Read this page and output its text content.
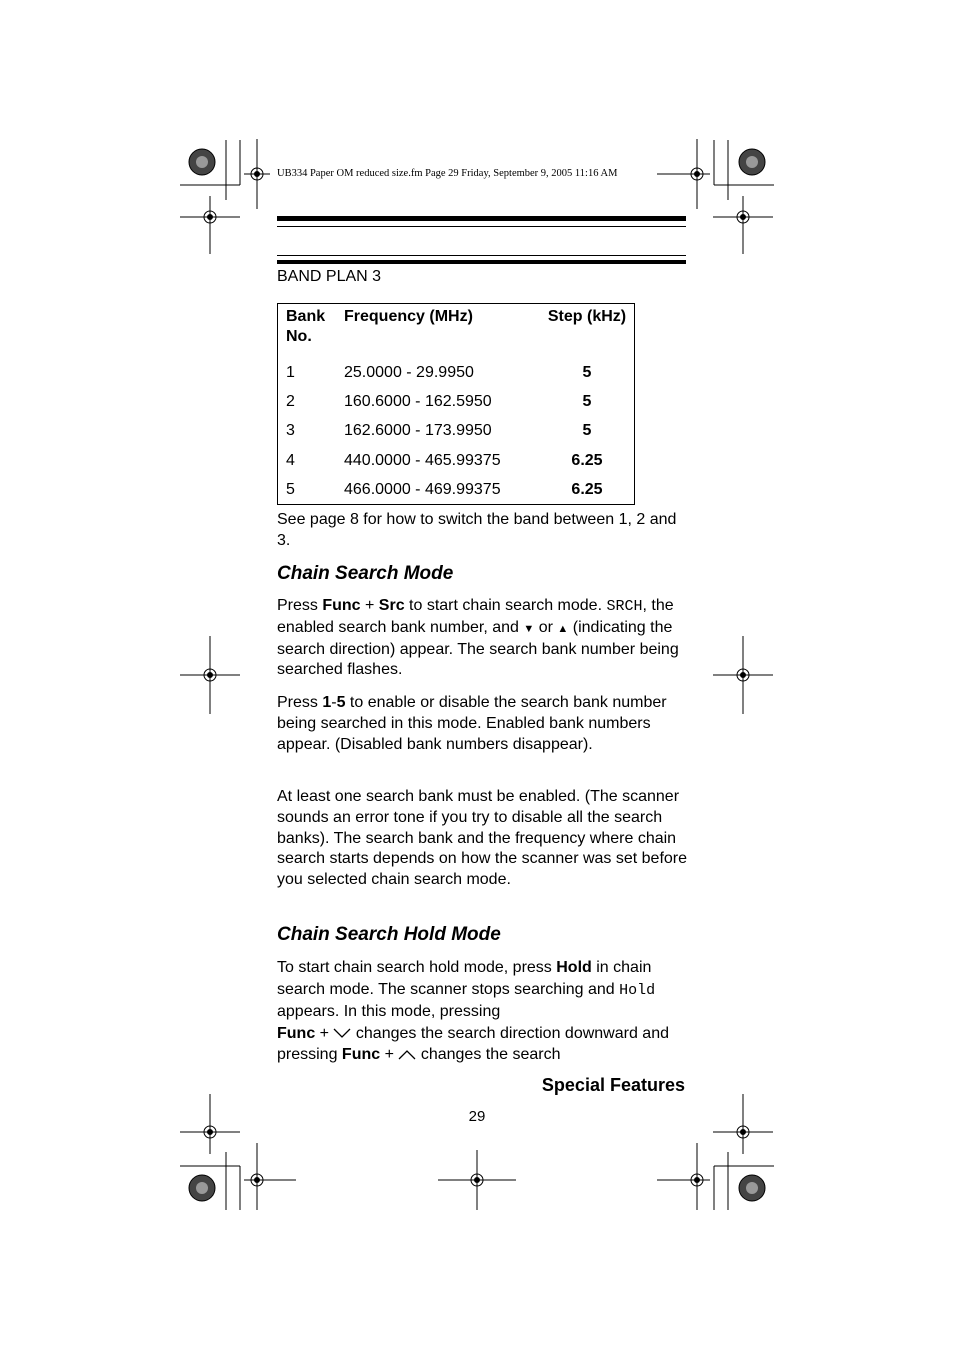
UB334 Paper OM reduced size.fm Page 29 Friday, September 9, 2005 11:16 AM
BAND PLAN 3
Bank
No.	Frequency (MHz)	Step (kHz)
1	25.0000 - 29.9950	5
2	160.6000 - 162.5950	5
3	162.6000 - 173.9950	5
4	440.0000 - 465.99375	6.25
5	466.0000 - 469.99375	6.25

See page 8 for how to switch the band between 1, 2 and 3.

Chain Search Mode

Press Func + Src to start chain search mode. SRCH, the enabled search bank number, and ▼ or ▲ (indicating the search direction) appear. The search bank number being searched flashes.

Press 1-5 to enable or disable the search bank number being searched in this mode. Enabled bank numbers appear. (Disabled bank numbers disappear).

At least one search bank must be enabled. (The scanner sounds an error tone if you try to disable all the search banks). The search bank and the frequency where chain search starts depends on how the scanner was set before you selected chain search mode.

Chain Search Hold Mode

To start chain search hold mode, press Hold in chain search mode. The scanner stops searching and Hold appears. In this mode, pressing
Func +  changes the search direction downward and pressing Func +  changes the search

Special Features
29
